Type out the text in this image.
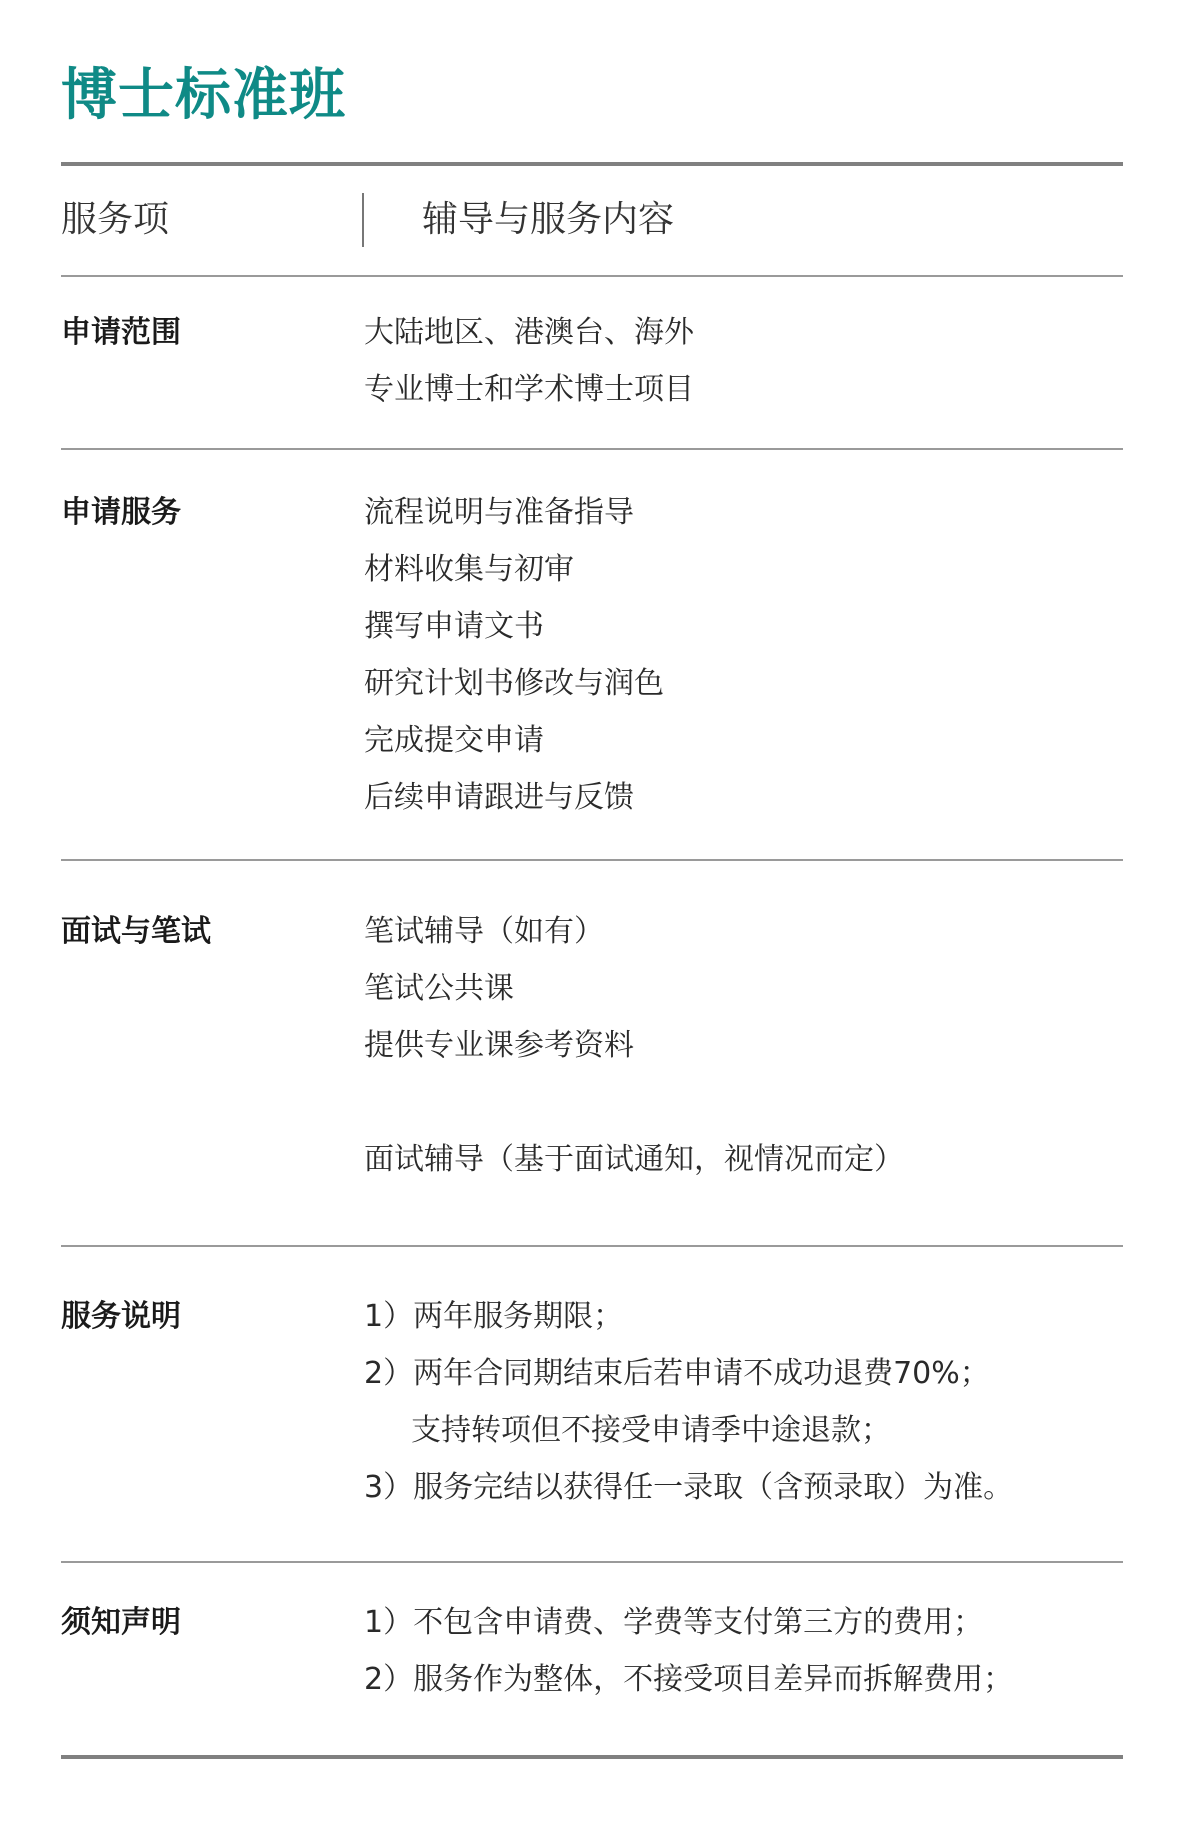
博士标准班
服务项	辅导与服务内容
申请范围	大陆地区、港澳台、海外
专业博士和学术博士项目
申请服务	流程说明与准备指导
材料收集与初审
撰写申请文书
研究计划书修改与润色
完成提交申请
后续申请跟进与反馈
面试与笔试	笔试辅导（如有）
笔试公共课
提供专业课参考资料
面试辅导（基于面试通知，视情况而定）
服务说明	1）两年服务期限；
2）两年合同期结束后若申请不成功退费70%；
支持转项但不接受申请季中途退款；
3）服务完结以获得任一录取（含预录取）为准。
须知声明	1）不包含申请费、学费等支付第三方的费用；
2）服务作为整体，不接受项目差异而拆解费用；
